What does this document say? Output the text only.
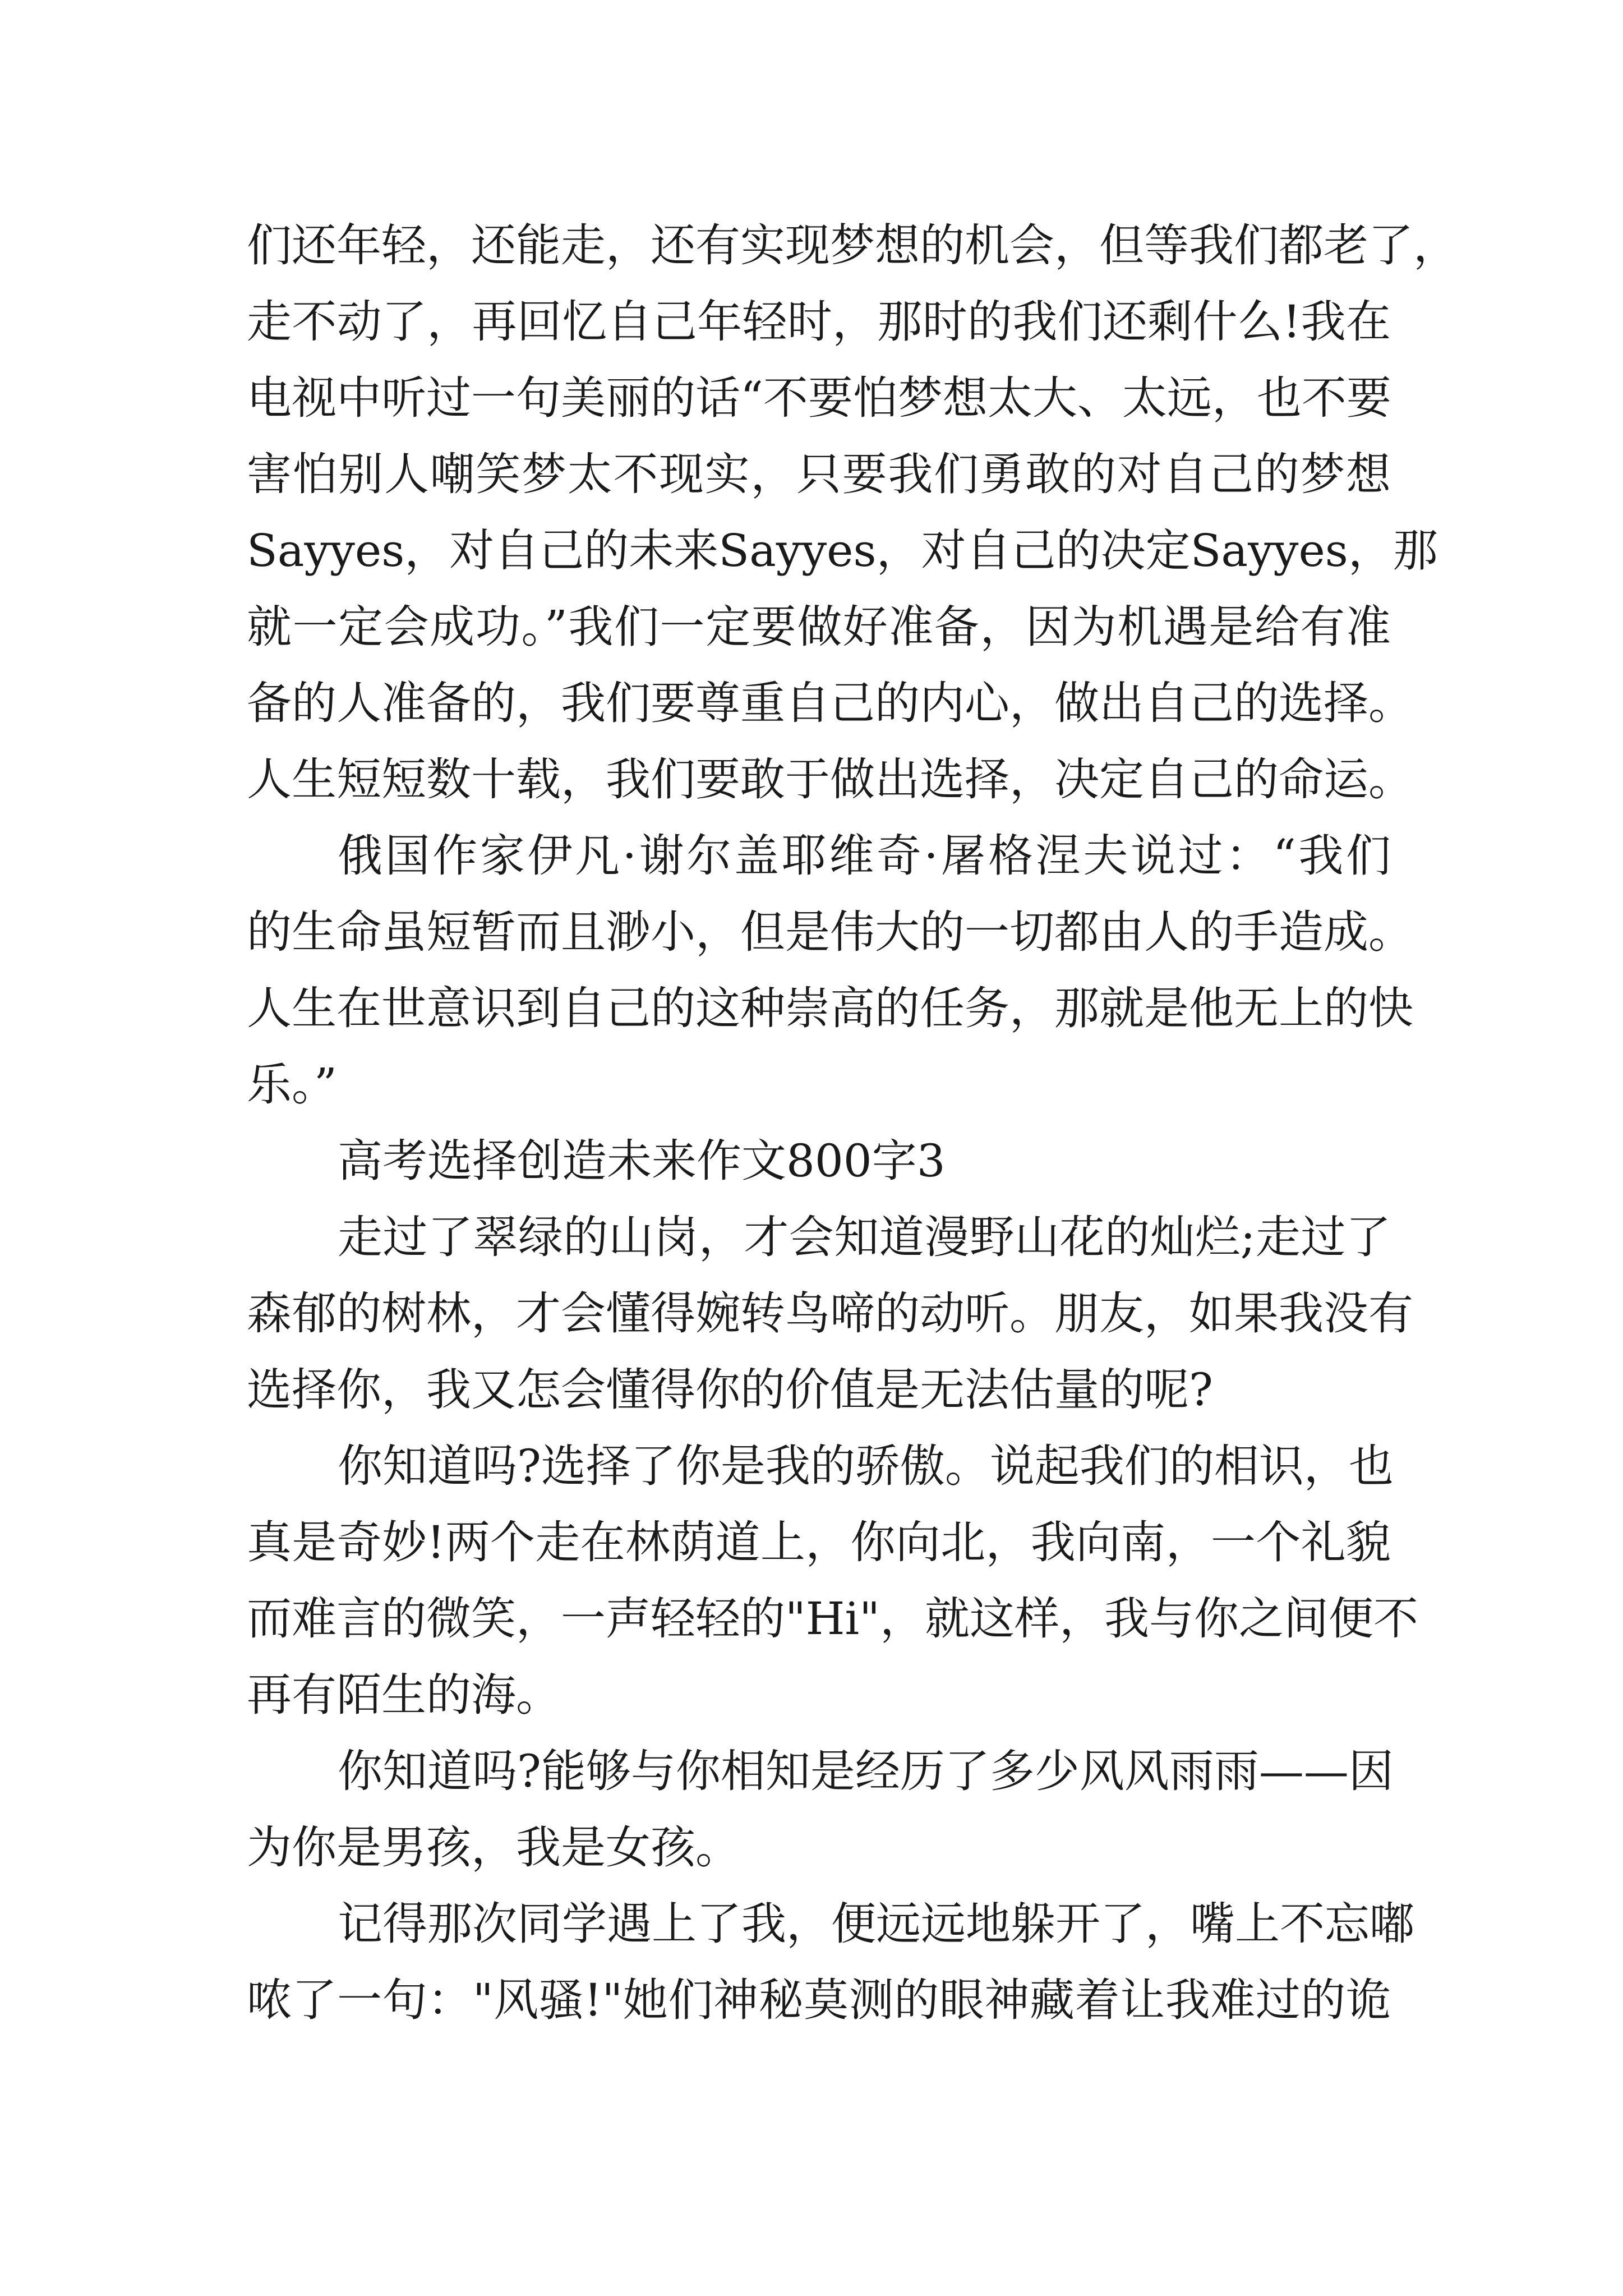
们还年轻，还能走，还有实现梦想的机会，但等我们都老了，
走不动了，再回忆自己年轻时，那时的我们还剩什么!我在
电视中听过一句美丽的话“不要怕梦想太大、太远，也不要
害怕别人嘲笑梦太不现实，只要我们勇敢的对自己的梦想
Sayyes，对自己的未来Sayyes，对自己的决定Sayyes，那
就一定会成功。”我们一定要做好准备，因为机遇是给有准
备的人准备的，我们要尊重自己的内心，做出自己的选择。
人生短短数十载，我们要敢于做出选择，决定自己的命运。
俄国作家伊凡·谢尔盖耶维奇·屠格涅夫说过：“我们
的生命虽短暂而且渺小，但是伟大的一切都由人的手造成。
人生在世意识到自己的这种崇高的任务，那就是他无上的快
乐。”
高考选择创造未来作文800字3
走过了翠绿的山岗，才会知道漫野山花的灿烂;走过了
森郁的树林，才会懂得婉转鸟啼的动听。朋友，如果我没有
选择你，我又怎会懂得你的价值是无法估量的呢?
你知道吗?选择了你是我的骄傲。说起我们的相识，也
真是奇妙!两个走在林荫道上，你向北，我向南，一个礼貌
而难言的微笑，一声轻轻的"Hi"，就这样，我与你之间便不
再有陌生的海。
你知道吗?能够与你相知是经历了多少风风雨雨——因
为你是男孩，我是女孩。
记得那次同学遇上了我，便远远地躲开了，嘴上不忘嘟
哝了一句："风骚!"她们神秘莫测的眼神藏着让我难过的诡
